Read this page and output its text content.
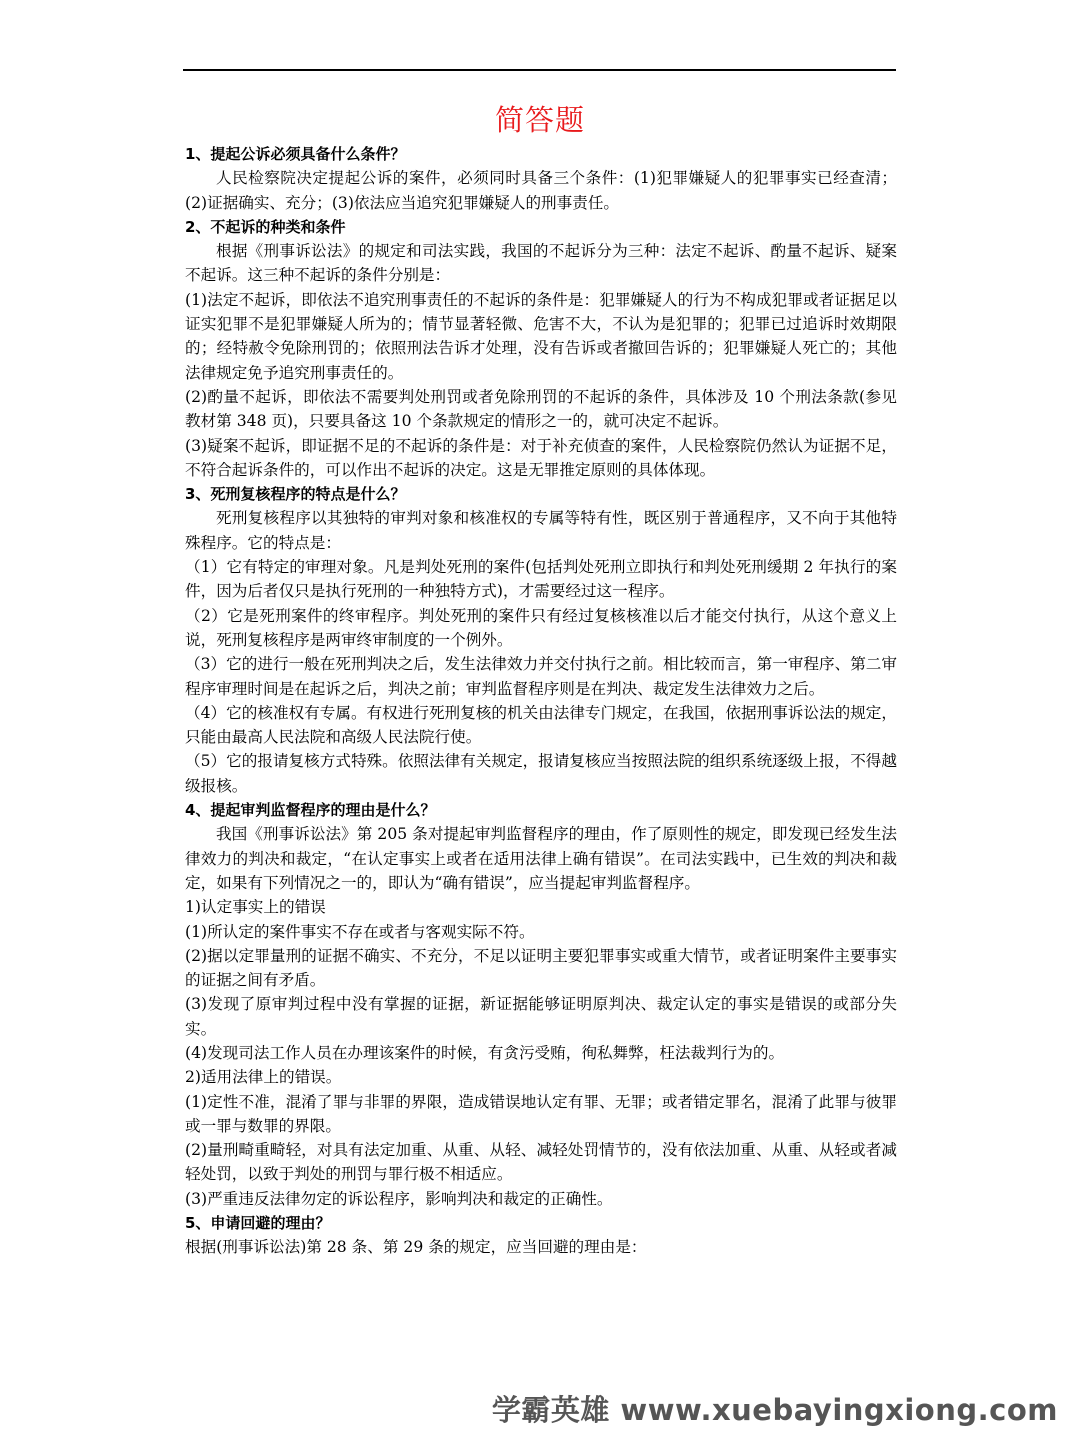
简答题

1、提起公诉必须具备什么条件？

人民检察院决定提起公诉的案件，必须同时具备三个条件：(1)犯罪嫌疑人的犯罪事实已经查清；(2)证据确实、充分；(3)依法应当追究犯罪嫌疑人的刑事责任。

2、不起诉的种类和条件

根据《刑事诉讼法》的规定和司法实践，我国的不起诉分为三种：法定不起诉、酌量不起诉、疑案不起诉。这三种不起诉的条件分别是：

(1)法定不起诉，即依法不追究刑事责任的不起诉的条件是：犯罪嫌疑人的行为不构成犯罪或者证据足以证实犯罪不是犯罪嫌疑人所为的；情节显著轻微、危害不大，不认为是犯罪的；犯罪已过追诉时效期限的；经特赦令免除刑罚的；依照刑法告诉才处理，没有告诉或者撤回告诉的；犯罪嫌疑人死亡的；其他法律规定免予追究刑事责任的。

(2)酌量不起诉，即依法不需要判处刑罚或者免除刑罚的不起诉的条件，具体涉及 10 个刑法条款(参见教材第 348 页)，只要具备这 10 个条款规定的情形之一的，就可决定不起诉。

(3)疑案不起诉，即证据不足的不起诉的条件是：对于补充侦查的案件，人民检察院仍然认为证据不足，不符合起诉条件的，可以作出不起诉的决定。这是无罪推定原则的具体体现。

3、死刑复核程序的特点是什么？

死刑复核程序以其独特的审判对象和核准权的专属等特有性，既区别于普通程序，又不向于其他特殊程序。它的特点是：

（1）它有特定的审理对象。凡是判处死刑的案件(包括判处死刑立即执行和判处死刑缓期 2 年执行的案件，因为后者仅只是执行死刑的一种独特方式)，才需要经过这一程序。

（2）它是死刑案件的终审程序。判处死刑的案件只有经过复核核准以后才能交付执行，从这个意义上说，死刑复核程序是两审终审制度的一个例外。

（3）它的进行一般在死刑判决之后，发生法律效力并交付执行之前。相比较而言，第一审程序、第二审程序审理时间是在起诉之后，判决之前；审判监督程序则是在判决、裁定发生法律效力之后。

（4）它的核准权有专属。有权进行死刑复核的机关由法律专门规定，在我国，依据刑事诉讼法的规定，只能由最高人民法院和高级人民法院行使。

（5）它的报请复核方式特殊。依照法律有关规定，报请复核应当按照法院的组织系统逐级上报，不得越级报核。

4、提起审判监督程序的理由是什么？

我国《刑事诉讼法》第 205 条对提起审判监督程序的理由，作了原则性的规定，即发现已经发生法律效力的判决和裁定，“在认定事实上或者在适用法律上确有错误”。在司法实践中，已生效的判决和裁定，如果有下列情况之一的，即认为“确有错误”，应当提起审判监督程序。

1)认定事实上的错误

(1)所认定的案件事实不存在或者与客观实际不符。

(2)据以定罪量刑的证据不确实、不充分，不足以证明主要犯罪事实或重大情节，或者证明案件主要事实的证据之间有矛盾。

(3)发现了原审判过程中没有掌握的证据，新证据能够证明原判决、裁定认定的事实是错误的或部分失实。

(4)发现司法工作人员在办理该案件的时候，有贪污受贿，徇私舞弊，枉法裁判行为的。

2)适用法律上的错误。

(1)定性不准，混淆了罪与非罪的界限，造成错误地认定有罪、无罪；或者错定罪名，混淆了此罪与彼罪或一罪与数罪的界限。

(2)量刑畸重畸轻，对具有法定加重、从重、从轻、减轻处罚情节的，没有依法加重、从重、从轻或者减轻处罚，以致于判处的刑罚与罪行极不相适应。

(3)严重违反法律勿定的诉讼程序，影响判决和裁定的正确性。

5、申请回避的理由？

根据(刑事诉讼法)第 28 条、第 29 条的规定，应当回避的理由是：

学霸英雄 www.xuebayingxiong.com
